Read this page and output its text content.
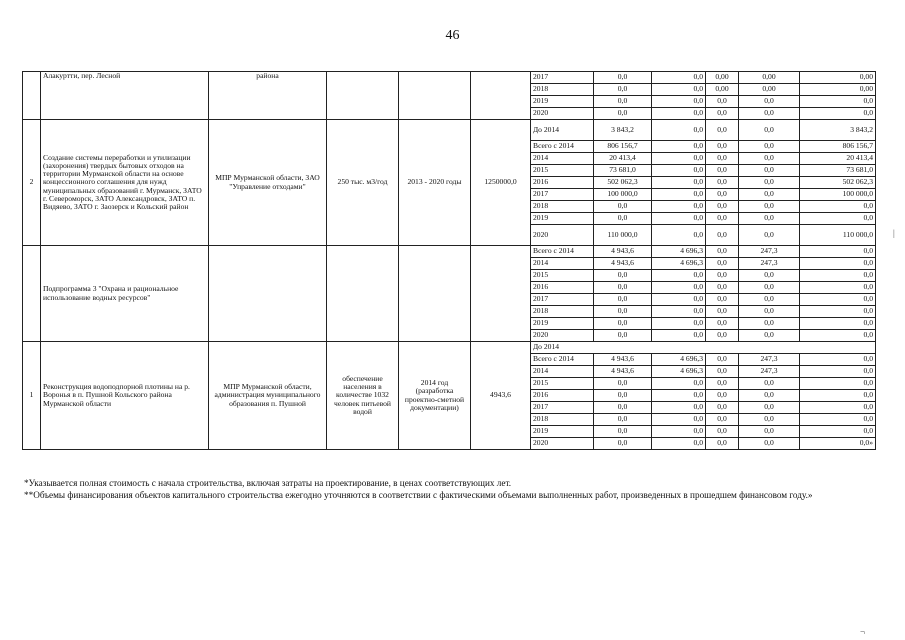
46
	Алакуртти, пер. Лесной	района				2017	0,0	0,0	0,00	0,00	0,00
						2018	0,0	0,0	0,00	0,00	0,00
						2019	0,0	0,0	0,0	0,0	0,0
						2020	0,0	0,0	0,0	0,0	0,0
2	Создание системы переработки и утилизации (захоронения) твердых бытовых отходов на территории Мурманской области на основе концессионного соглашения для нужд муниципальных образований г. Мурманск, ЗАТО г. Североморск, ЗАТО Александровск, ЗАТО п. Видяево, ЗАТО г. Заозерск и Кольский район	МПР Мурманской области, ЗАО "Управление отходами"	250 тыс. м3/год	2013 - 2020 годы	1250000,0	До 2014	3 843,2	0,0	0,0	0,0	3 843,2
						Всего с 2014	806 156,7	0,0	0,0	0,0	806 156,7
						2014	20 413,4	0,0	0,0	0,0	20 413,4
						2015	73 681,0	0,0	0,0	0,0	73 681,0
						2016	502 062,3	0,0	0,0	0,0	502 062,3
						2017	100 000,0	0,0	0,0	0,0	100 000,0
						2018	0,0	0,0	0,0	0,0	0,0
						2019	0,0	0,0	0,0	0,0	0,0
						2020	110 000,0	0,0	0,0	0,0	110 000,0
	Подпрограмма 3 "Охрана и рациональное использование водных ресурсов"					Всего с 2014	4 943,6	4 696,3	0,0	247,3	0,0
						2014	4 943,6	4 696,3	0,0	247,3	0,0
						2015	0,0	0,0	0,0	0,0	0,0
						2016	0,0	0,0	0,0	0,0	0,0
						2017	0,0	0,0	0,0	0,0	0,0
						2018	0,0	0,0	0,0	0,0	0,0
						2019	0,0	0,0	0,0	0,0	0,0
						2020	0,0	0,0	0,0	0,0	0,0
1	Реконструкция водоподпорной плотины на р. Воронья в п. Пушной Кольского района Мурманской области	МПР Мурманской области, администрация муниципального образования п. Пушной	обеспечение населения в количестве 1032 человек питьевой водой	2014 год (разработка проектно-сметной документации)	4943,6	До 2014					
						Всего с 2014	4 943,6	4 696,3	0,0	247,3	0,0
						2014	4 943,6	4 696,3	0,0	247,3	0,0
						2015	0,0	0,0	0,0	0,0	0,0
						2016	0,0	0,0	0,0	0,0	0,0
						2017	0,0	0,0	0,0	0,0	0,0
						2018	0,0	0,0	0,0	0,0	0,0
						2019	0,0	0,0	0,0	0,0	0,0
						2020	0,0	0,0	0,0	0,0	0,0»
*Указывается полная стоимость с начала строительства, включая затраты на проектирование, в ценах соответствующих лет.
**Объемы финансирования объектов капитального строительства ежегодно уточняются в соответствии с фактическими объемами выполненных работ, произведенных в прошедшем финансовом году.»
|
¬
